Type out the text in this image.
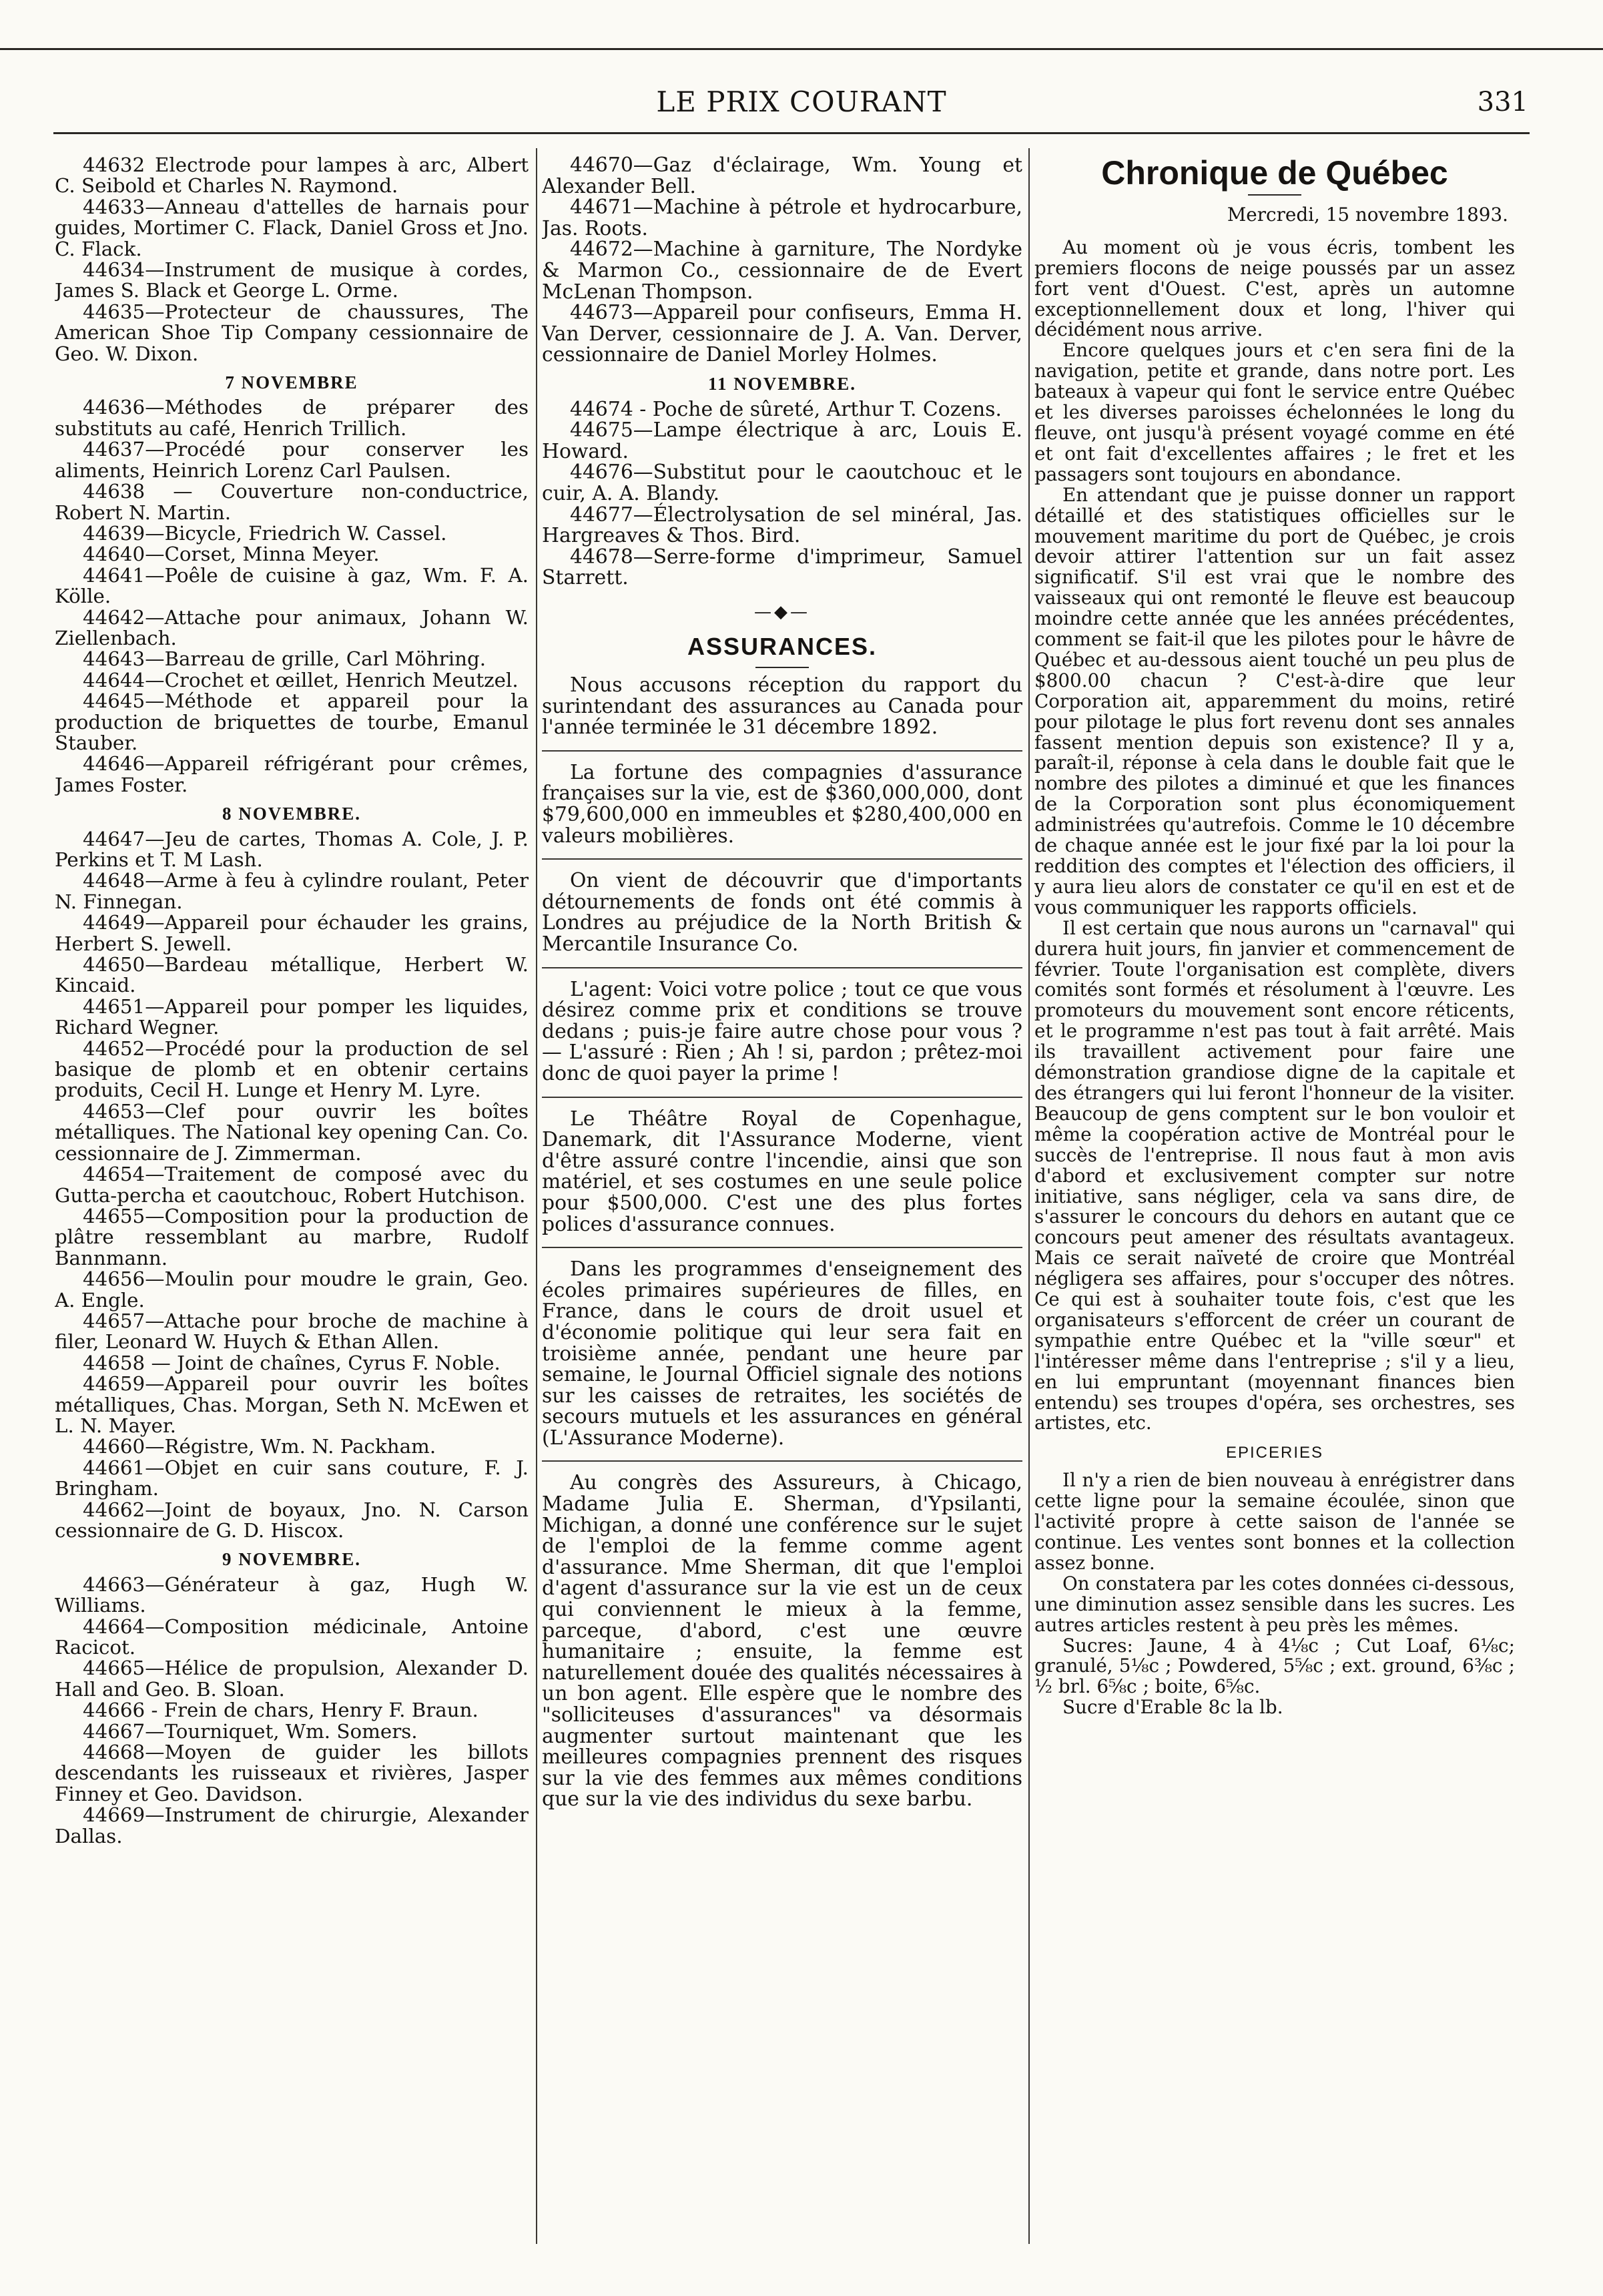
LE PRIX COURANT	331

44632 Electrode pour lampes à arc, Albert C. Seibold et Charles N. Raymond.

44633—Anneau d'attelles de harnais pour guides, Mortimer C. Flack, Daniel Gross et Jno. C. Flack.

44634—Instrument de musique à cordes, James S. Black et George L. Orme.

44635—Protecteur de chaussures, The American Shoe Tip Company cessionnaire de Geo. W. Dixon.

7 NOVEMBRE

44636—Méthodes de préparer des substituts au café, Henrich Trillich.

44637—Procédé pour conserver les aliments, Heinrich Lorenz Carl Paulsen.

44638 — Couverture non-conductrice, Robert N. Martin.

44639—Bicycle, Friedrich W. Cassel.

44640—Corset, Minna Meyer.

44641—Poêle de cuisine à gaz, Wm. F. A. Kölle.

44642—Attache pour animaux, Johann W. Ziellenbach.

44643—Barreau de grille, Carl Möhring.

44644—Crochet et œillet, Henrich Meutzel.

44645—Méthode et appareil pour la production de briquettes de tourbe, Emanul Stauber.

44646—Appareil réfrigérant pour crêmes, James Foster.

8 NOVEMBRE.

44647—Jeu de cartes, Thomas A. Cole, J. P. Perkins et T. M Lash.

44648—Arme à feu à cylindre roulant, Peter N. Finnegan.

44649—Appareil pour échauder les grains, Herbert S. Jewell.

44650—Bardeau métallique, Herbert W. Kincaid.

44651—Appareil pour pomper les liquides, Richard Wegner.

44652—Procédé pour la production de sel basique de plomb et en obtenir certains produits, Cecil H. Lunge et Henry M. Lyre.

44653—Clef pour ouvrir les boîtes métalliques. The National key opening Can. Co. cessionnaire de J. Zimmerman.

44654—Traitement de composé avec du Gutta-percha et caoutchouc, Robert Hutchison.

44655—Composition pour la production de plâtre ressemblant au marbre, Rudolf Bannmann.

44656—Moulin pour moudre le grain, Geo. A. Engle.

44657—Attache pour broche de machine à filer, Leonard W. Huych & Ethan Allen.

44658 — Joint de chaînes, Cyrus F. Noble.

44659—Appareil pour ouvrir les boîtes métalliques, Chas. Morgan, Seth N. McEwen et L. N. Mayer.

44660—Régistre, Wm. N. Packham.

44661—Objet en cuir sans couture, F. J. Bringham.

44662—Joint de boyaux, Jno. N. Carson cessionnaire de G. D. Hiscox.

9 NOVEMBRE.

44663—Générateur à gaz, Hugh W. Williams.

44664—Composition médicinale, Antoine Racicot.

44665—Hélice de propulsion, Alexander D. Hall and Geo. B. Sloan.

44666 - Frein de chars, Henry F. Braun.

44667—Tourniquet, Wm. Somers.

44668—Moyen de guider les billots descendants les ruisseaux et rivières, Jasper Finney et Geo. Davidson.

44669—Instrument de chirurgie, Alexander Dallas.

44670—Gaz d'éclairage, Wm. Young et Alexander Bell.

44671—Machine à pétrole et hydrocarbure, Jas. Roots.

44672—Machine à garniture, The Nordyke & Marmon Co., cessionnaire de de Evert McLenan Thompson.

44673—Appareil pour confiseurs, Emma H. Van Derver, cessionnaire de J. A. Van. Derver, cessionnaire de Daniel Morley Holmes.

11 NOVEMBRE.

44674 - Poche de sûreté, Arthur T. Cozens.

44675—Lampe électrique à arc, Louis E. Howard.

44676—Substitut pour le caoutchouc et le cuir, A. A. Blandy.

44677—Électrolysation de sel minéral, Jas. Hargreaves & Thos. Bird.

44678—Serre-forme d'imprimeur, Samuel Starrett.

—◆—
ASSURANCES.

Nous accusons réception du rapport du surintendant des assurances au Canada pour l'année terminée le 31 décembre 1892.

La fortune des compagnies d'assurance françaises sur la vie, est de $360,000,000, dont $79,600,000 en immeubles et $280,400,000 en valeurs mobilières.

On vient de découvrir que d'importants détournements de fonds ont été commis à Londres au préjudice de la North British & Mercantile Insurance Co.

L'agent: Voici votre police ; tout ce que vous désirez comme prix et conditions se trouve dedans ; puis-je faire autre chose pour vous ? — L'assuré : Rien ; Ah ! si, pardon ; prêtez-moi donc de quoi payer la prime !

Le Théâtre Royal de Copenhague, Danemark, dit l'Assurance Moderne, vient d'être assuré contre l'incendie, ainsi que son matériel, et ses costumes en une seule police pour $500,000. C'est une des plus fortes polices d'assurance connues.

Dans les programmes d'enseignement des écoles primaires supérieures de filles, en France, dans le cours de droit usuel et d'économie politique qui leur sera fait en troisième année, pendant une heure par semaine, le Journal Officiel signale des notions sur les caisses de retraites, les sociétés de secours mutuels et les assurances en général (L'Assurance Moderne).

Au congrès des Assureurs, à Chicago, Madame Julia E. Sherman, d'Ypsilanti, Michigan, a donné une conférence sur le sujet de l'emploi de la femme comme agent d'assurance. Mme Sherman, dit que l'emploi d'agent d'assurance sur la vie est un de ceux qui conviennent le mieux à la femme, parceque, d'abord, c'est une œuvre humanitaire ; ensuite, la femme est naturellement douée des qualités nécessaires à un bon agent. Elle espère que le nombre des "solliciteuses d'assurances" va désormais augmenter surtout maintenant que les meilleures compagnies prennent des risques sur la vie des femmes aux mêmes conditions que sur la vie des individus du sexe barbu.

Chronique de Québec
Mercredi, 15 novembre 1893.

Au moment où je vous écris, tombent les premiers flocons de neige poussés par un assez fort vent d'Ouest. C'est, après un automne exceptionnellement doux et long, l'hiver qui décidément nous arrive.

Encore quelques jours et c'en sera fini de la navigation, petite et grande, dans notre port. Les bateaux à vapeur qui font le service entre Québec et les diverses paroisses échelonnées le long du fleuve, ont jusqu'à présent voyagé comme en été et ont fait d'excellentes affaires ; le fret et les passagers sont toujours en abondance.

En attendant que je puisse donner un rapport détaillé et des statistiques officielles sur le mouvement maritime du port de Québec, je crois devoir attirer l'attention sur un fait assez significatif. S'il est vrai que le nombre des vaisseaux qui ont remonté le fleuve est beaucoup moindre cette année que les années précédentes, comment se fait-il que les pilotes pour le hâvre de Québec et au-dessous aient touché un peu plus de $800.00 chacun ? C'est-à-dire que leur Corporation ait, apparemment du moins, retiré pour pilotage le plus fort revenu dont ses annales fassent mention depuis son existence? Il y a, paraît-il, réponse à cela dans le double fait que le nombre des pilotes a diminué et que les finances de la Corporation sont plus économiquement administrées qu'autrefois. Comme le 10 décembre de chaque année est le jour fixé par la loi pour la reddition des comptes et l'élection des officiers, il y aura lieu alors de constater ce qu'il en est et de vous communiquer les rapports officiels.

Il est certain que nous aurons un "carnaval" qui durera huit jours, fin janvier et commencement de février. Toute l'organisation est complète, divers comités sont formés et résolument à l'œuvre. Les promoteurs du mouvement sont encore réticents, et le programme n'est pas tout à fait arrêté. Mais ils travaillent activement pour faire une démonstration grandiose digne de la capitale et des étrangers qui lui feront l'honneur de la visiter. Beaucoup de gens comptent sur le bon vouloir et même la coopération active de Montréal pour le succès de l'entreprise. Il nous faut à mon avis d'abord et exclusivement compter sur notre initiative, sans négliger, cela va sans dire, de s'assurer le concours du dehors en autant que ce concours peut amener des résultats avantageux. Mais ce serait naïveté de croire que Montréal négligera ses affaires, pour s'occuper des nôtres. Ce qui est à souhaiter toute fois, c'est que les organisateurs s'efforcent de créer un courant de sympathie entre Québec et la "ville sœur" et l'intéresser même dans l'entreprise ; s'il y a lieu, en lui empruntant (moyennant finances bien entendu) ses troupes d'opéra, ses orchestres, ses artistes, etc.

EPICERIES

Il n'y a rien de bien nouveau à enrégistrer dans cette ligne pour la semaine écoulée, sinon que l'activité propre à cette saison de l'année se continue. Les ventes sont bonnes et la collection assez bonne.

On constatera par les cotes données ci-dessous, une diminution assez sensible dans les sucres. Les autres articles restent à peu près les mêmes.

Sucres: Jaune, 4 à 4⅛c ; Cut Loaf, 6⅛c; granulé, 5⅛c ; Powdered, 5⅝c ; ext. ground, 6⅜c ; ½ brl. 6⅝c ; boite, 6⅝c.

Sucre d'Erable 8c la lb.
